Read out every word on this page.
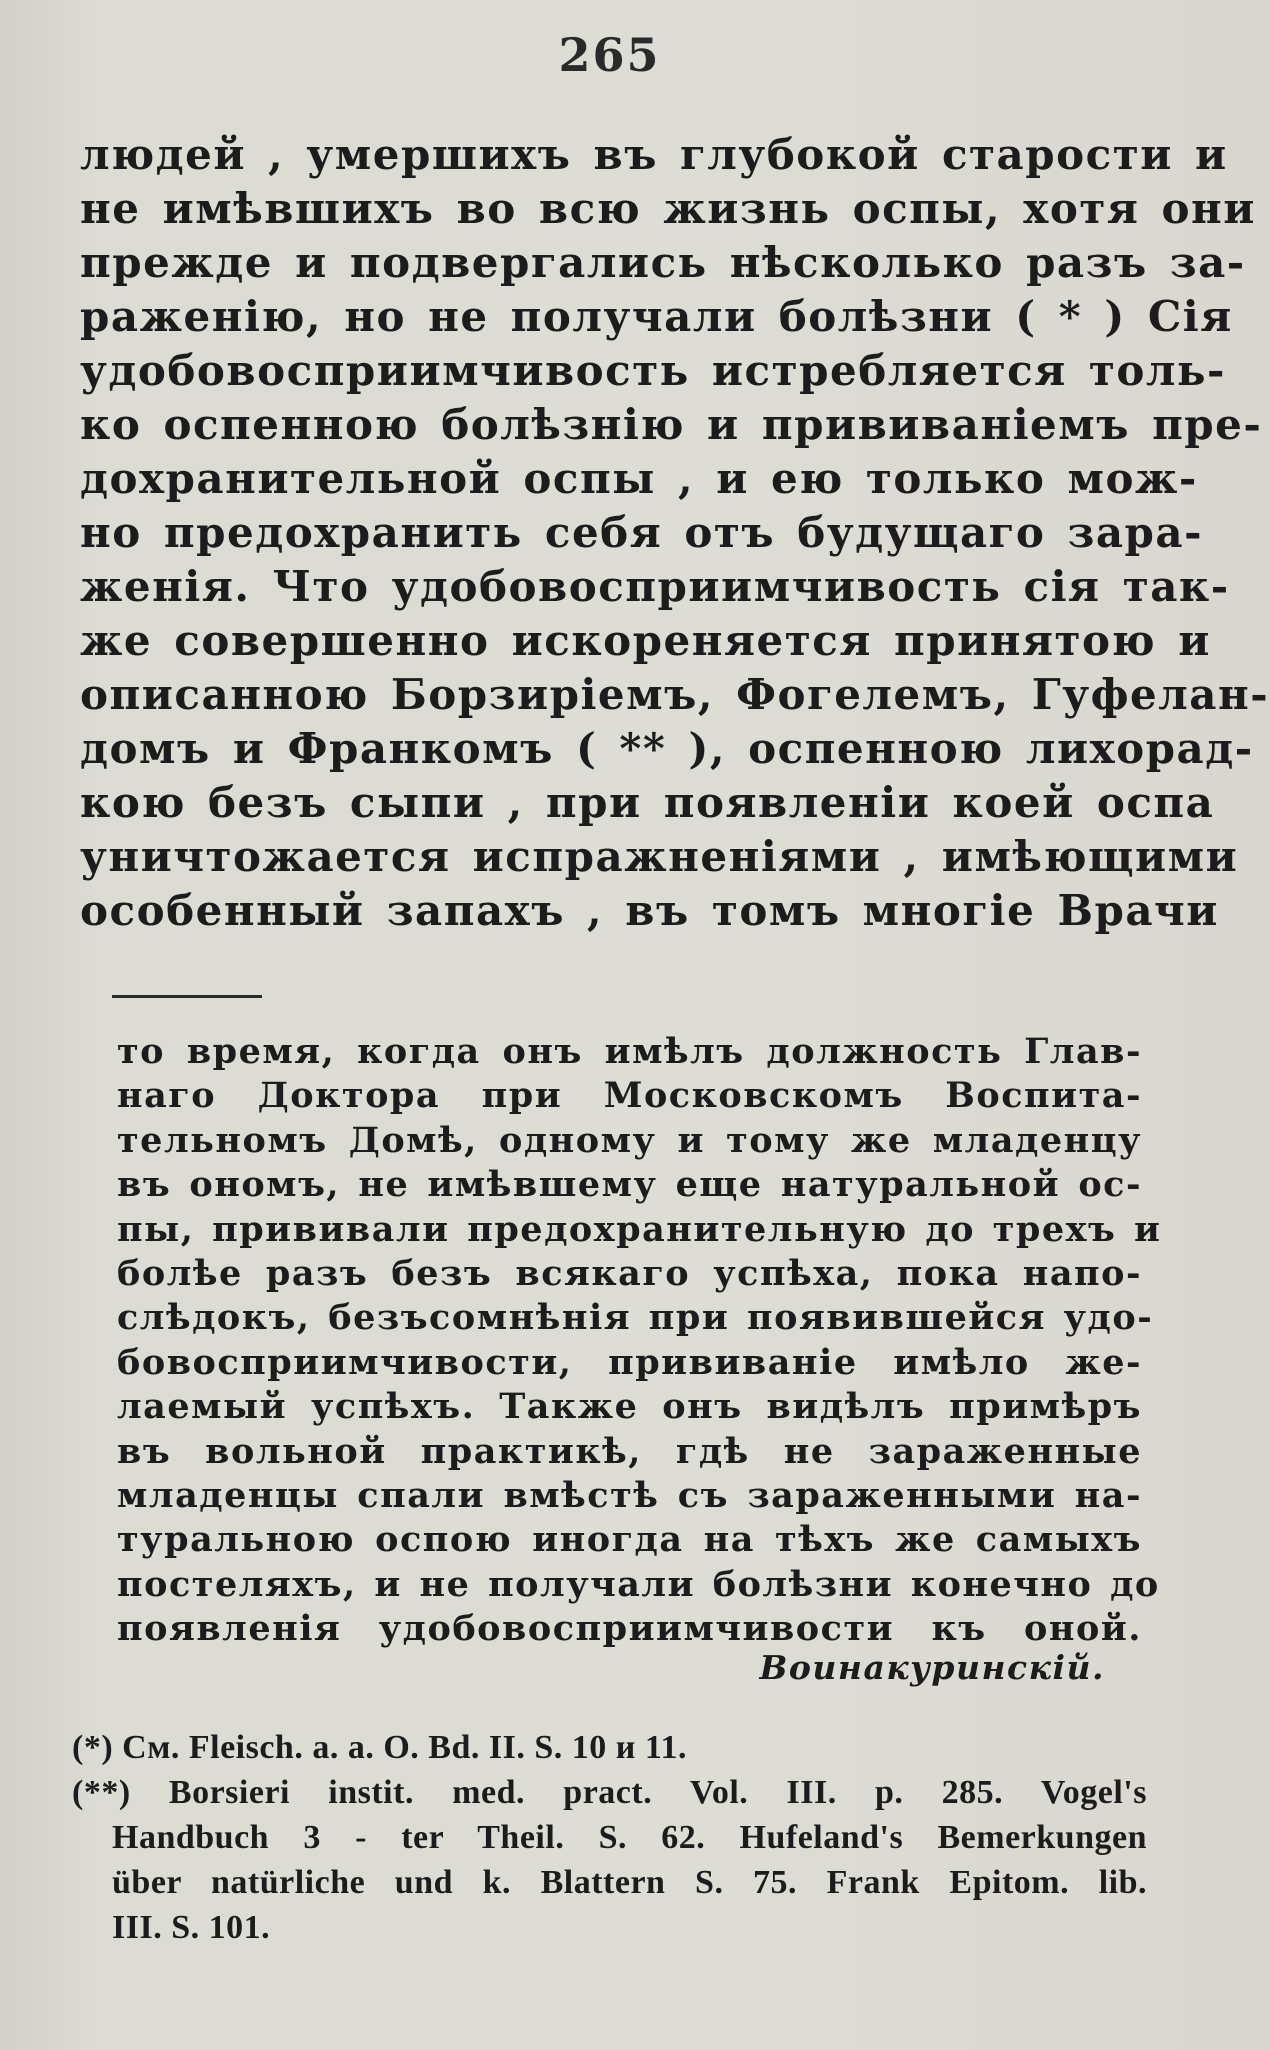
265
людей , умершихъ въ глубокой старости и
не имѣвшихъ во всю жизнь оспы, хотя они
прежде и подвергались нѣсколько разъ за-
раженію, но не получали болѣзни ( * ) Сія
удобовосприимчивость истребляется толь-
ко оспенною болѣзнію и прививаніемъ пре-
дохранительной оспы , и ею только мож-
но предохранить себя отъ будущаго зара-
женія. Что удобовосприимчивость сія так-
же совершенно искореняется принятою и
описанною Борзиріемъ, Фогелемъ, Гуфелан-
домъ и Франкомъ ( ** ), оспенною лихорад-
кою безъ сыпи , при появленіи коей оспа
уничтожается испражненіями , имѣющими
особенный запахъ , въ томъ многіе Врачи
то время, когда онъ имѣлъ должность Глав-
наго Доктора при Московскомъ Воспита-
тельномъ Домѣ, одному и тому же младенцу
въ ономъ, не имѣвшему еще натуральной ос-
пы, прививали предохранительную до трехъ и
болѣе разъ безъ всякаго успѣха, пока напо-
слѣдокъ, безъсомнѣнія при появившейся удо-
бовосприимчивости, прививаніе имѣло же-
лаемый успѣхъ. Также онъ видѣлъ примѣръ
въ вольной практикѣ, гдѣ не зараженные
младенцы спали вмѣстѣ съ зараженными на-
туральною оспою иногда на тѣхъ же самыхъ
постеляхъ, и не получали болѣзни конечно до
появленія удобовосприимчивости къ оной.
Воинакуринскій.
(*) См. Fleisch. a. a. O. Bd. II. S. 10 и 11.
(**) Borsieri instit. med. pract. Vol. III. p. 285. Vogel's
Handbuch 3 - ter Theil. S. 62. Hufeland's Bemerkungen
über natürliche und k. Blattern S. 75. Frank Epitom. lib.
III. S. 101.
